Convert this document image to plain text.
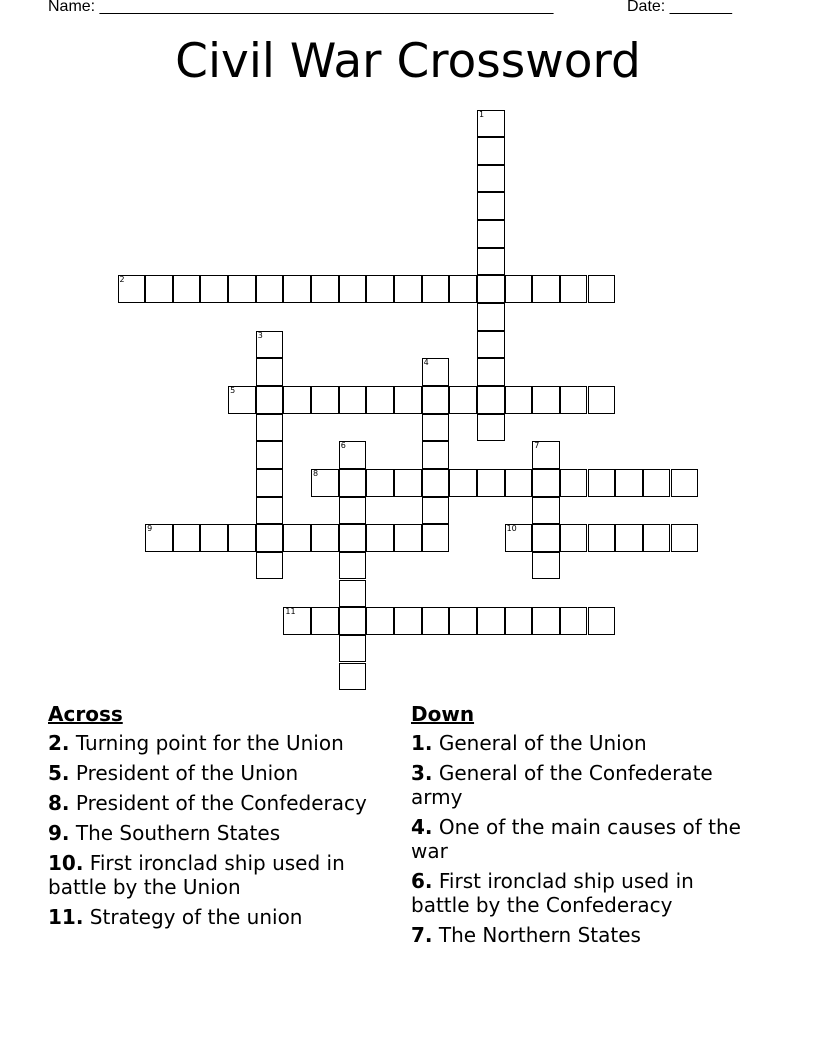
Name: ___________________________________________________	Date: _______
Civil War Crossword
1
2
3
4
5
6	7
8
9	10
11
Across
2. Turning point for the Union
5. President of the Union
8. President of the Confederacy
9. The Southern States
10. First ironclad ship used in battle by the Union
11. Strategy of the union
Down
1. General of the Union
3. General of the Confederate army
4. One of the main causes of the war
6. First ironclad ship used in battle by the Confederacy
7. The Northern States
